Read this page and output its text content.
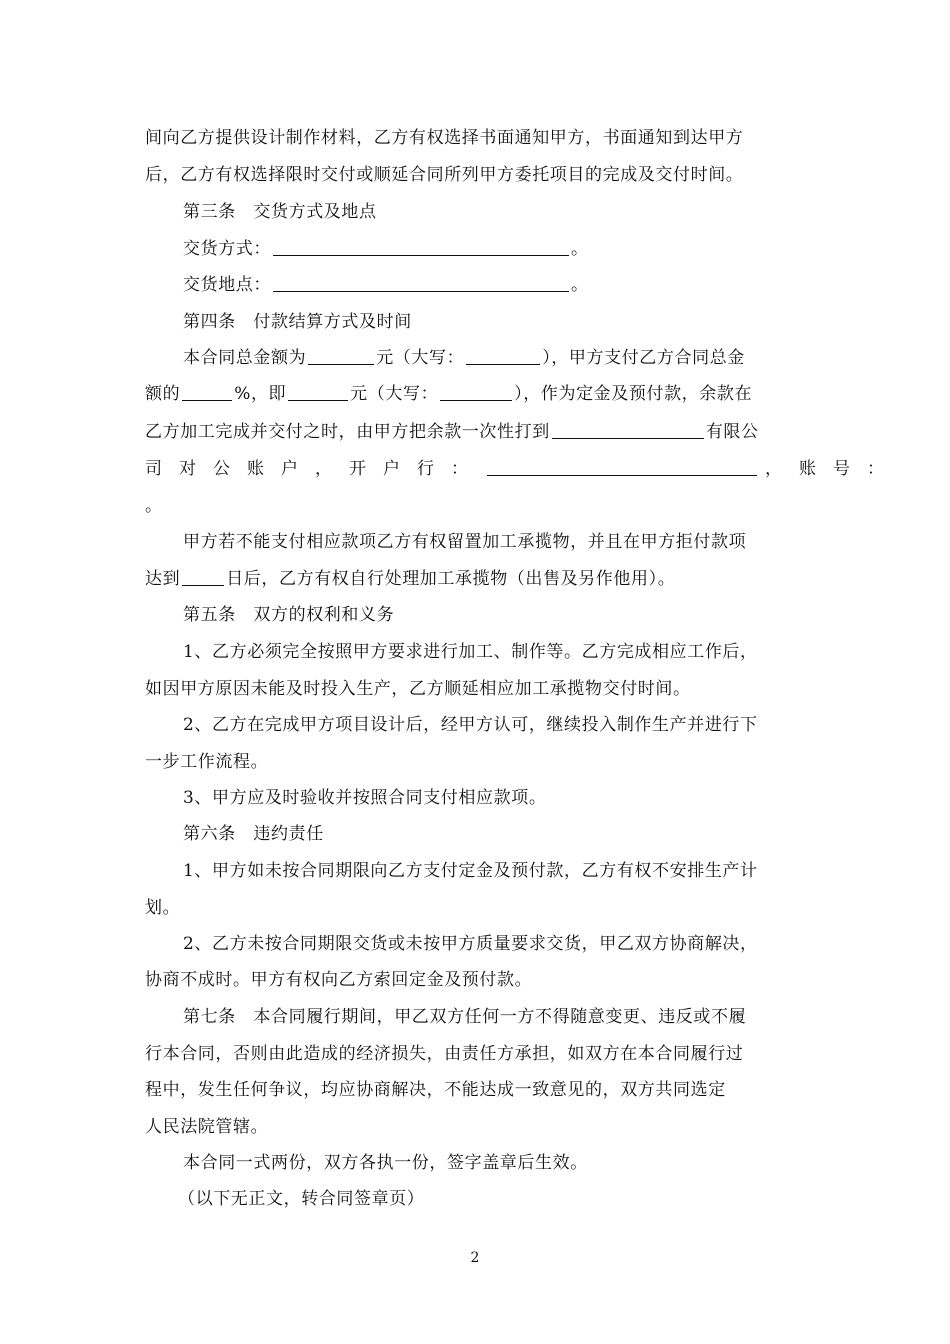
间向乙方提供设计制作材料，乙方有权选择书面通知甲方，书面通知到达甲方
后，乙方有权选择限时交付或顺延合同所列甲方委托项目的完成及交付时间。
第三条　交货方式及地点
交货方式：	。
交货地点：	。
第四条　付款结算方式及时间
本合同总金额为	元（大写：	），甲方支付乙方合同总金
额的	%，即	元（大写：	），作为定金及预付款，余款在
乙方加工完成并交付之时，由甲方把余款一次性打到	有限公
司对公账户，开户行：	，账号：
。
甲方若不能支付相应款项乙方有权留置加工承揽物，并且在甲方拒付款项
达到	日后，乙方有权自行处理加工承揽物（出售及另作他用）。
第五条　双方的权利和义务
1、乙方必须完全按照甲方要求进行加工、制作等。乙方完成相应工作后，
如因甲方原因未能及时投入生产，乙方顺延相应加工承揽物交付时间。
2、乙方在完成甲方项目设计后，经甲方认可，继续投入制作生产并进行下
一步工作流程。
3、甲方应及时验收并按照合同支付相应款项。
第六条　违约责任
1、甲方如未按合同期限向乙方支付定金及预付款，乙方有权不安排生产计
划。
2、乙方未按合同期限交货或未按甲方质量要求交货，甲乙双方协商解决，
协商不成时。甲方有权向乙方索回定金及预付款。
第七条　本合同履行期间，甲乙双方任何一方不得随意变更、违反或不履
行本合同，否则由此造成的经济损失，由责任方承担，如双方在本合同履行过
程中，发生任何争议，均应协商解决，不能达成一致意见的，双方共同选定
人民法院管辖。
本合同一式两份，双方各执一份，签字盖章后生效。
（以下无正文，转合同签章页）
2
